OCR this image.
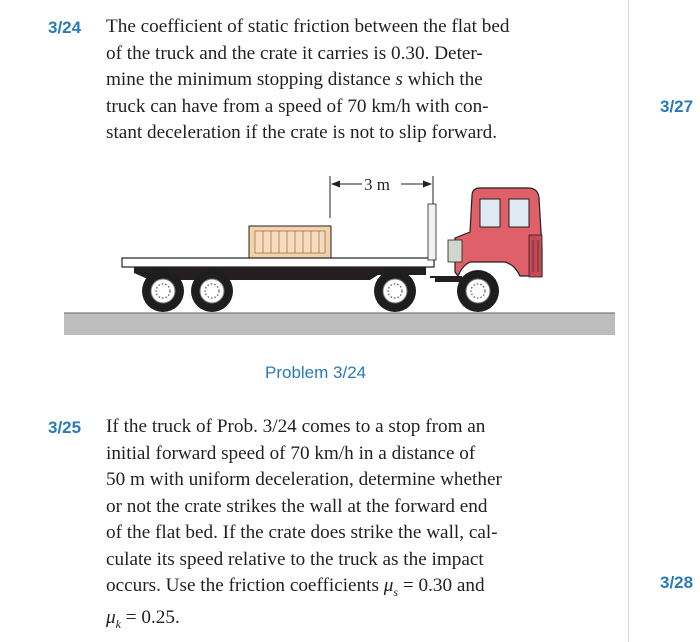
3/24 The coefficient of static friction between the flat bed
of the truck and the crate it carries is 0.30. Deter-
mine the minimum stopping distance s which the
truck can have from a speed of 70 km/h with con-
stant deceleration if the crate is not to slip forward.
3/27
3 m
Problem 3/24
3/25 If the truck of Prob. 3/24 comes to a stop from an
initial forward speed of 70 km/h in a distance of
50 m with uniform deceleration, determine whether
or not the crate strikes the wall at the forward end
of the flat bed. If the crate does strike the wall, cal-
culate its speed relative to the truck as the impact
occurs. Use the friction coefficients $\mu_s = 0.30$ and
$\mu_k = 0.25$.
3/28
